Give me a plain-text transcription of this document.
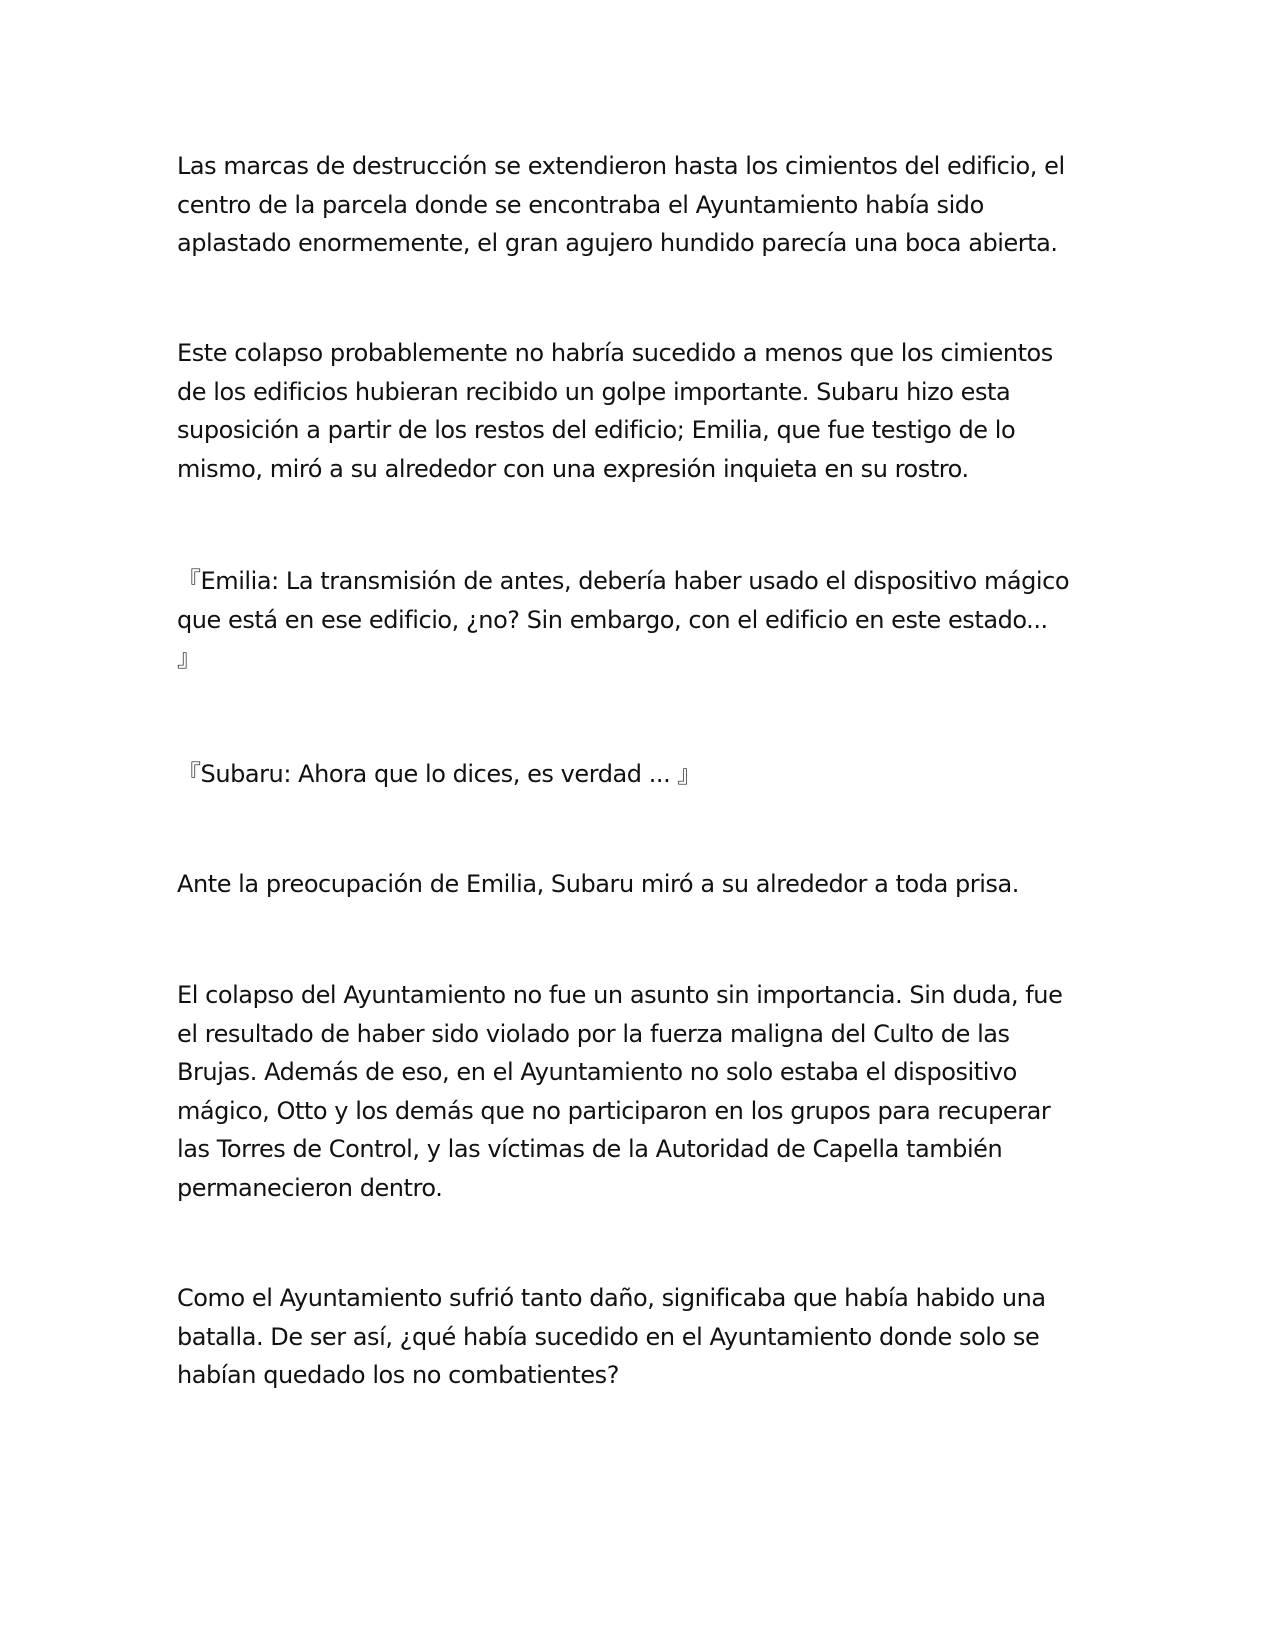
Las marcas de destrucción se extendieron hasta los cimientos del edificio, el
centro de la parcela donde se encontraba el Ayuntamiento había sido
aplastado enormemente, el gran agujero hundido parecía una boca abierta.

Este colapso probablemente no habría sucedido a menos que los cimientos
de los edificios hubieran recibido un golpe importante. Subaru hizo esta
suposición a partir de los restos del edificio; Emilia, que fue testigo de lo
mismo, miró a su alrededor con una expresión inquieta en su rostro.

『Emilia: La transmisión de antes, debería haber usado el dispositivo mágico
que está en ese edificio, ¿no? Sin embargo, con el edificio en este estado...
』

『Subaru: Ahora que lo dices, es verdad ... 』

Ante la preocupación de Emilia, Subaru miró a su alrededor a toda prisa.

El colapso del Ayuntamiento no fue un asunto sin importancia. Sin duda, fue
el resultado de haber sido violado por la fuerza maligna del Culto de las
Brujas. Además de eso, en el Ayuntamiento no solo estaba el dispositivo
mágico, Otto y los demás que no participaron en los grupos para recuperar
las Torres de Control, y las víctimas de la Autoridad de Capella también
permanecieron dentro.

Como el Ayuntamiento sufrió tanto daño, significaba que había habido una
batalla. De ser así, ¿qué había sucedido en el Ayuntamiento donde solo se
habían quedado los no combatientes?
